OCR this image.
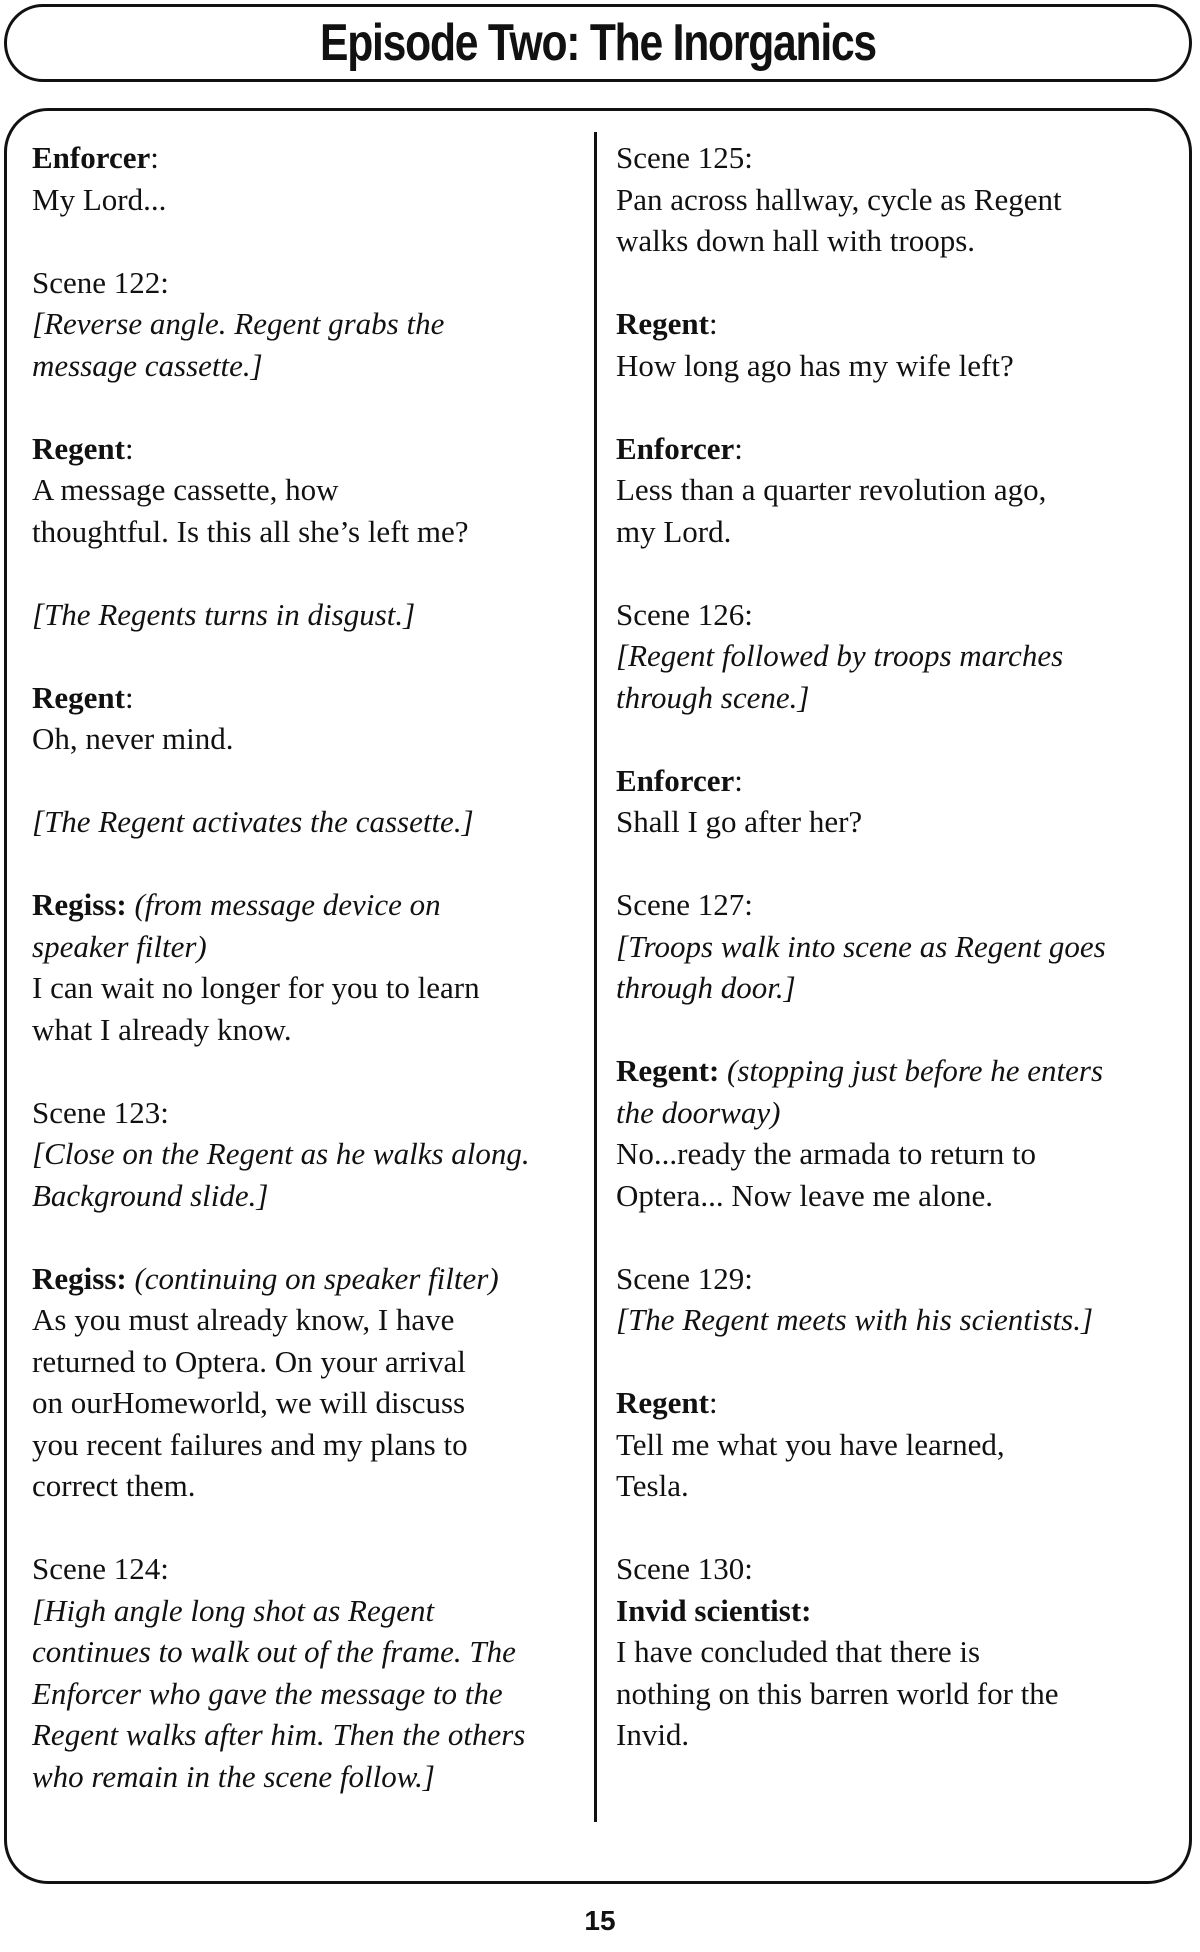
Episode Two: The Inorganics
Enforcer:
My Lord...
Scene 122:
[Reverse angle. Regent grabs the
message cassette.]
Regent:
A message cassette, how
thoughtful. Is this all she’s left me?
[The Regents turns in disgust.]
Regent:
Oh, never mind.
[The Regent activates the cassette.]
Regiss: (from message device on
speaker filter)
I can wait no longer for you to learn
what I already know.
Scene 123:
[Close on the Regent as he walks along.
Background slide.]
Regiss: (continuing on speaker filter)
As you must already know, I have
returned to Optera. On your arrival
on ourHomeworld, we will discuss
you recent failures and my plans to
correct them.
Scene 124:
[High angle long shot as Regent
continues to walk out of the frame. The
Enforcer who gave the message to the
Regent walks after him. Then the others
who remain in the scene follow.]
Scene 125:
Pan across hallway, cycle as Regent
walks down hall with troops.
Regent:
How long ago has my wife left?
Enforcer:
Less than a quarter revolution ago,
my Lord.
Scene 126:
[Regent followed by troops marches
through scene.]
Enforcer:
Shall I go after her?
Scene 127:
[Troops walk into scene as Regent goes
through door.]
Regent: (stopping just before he enters
the doorway)
No...ready the armada to return to
Optera... Now leave me alone.
Scene 129:
[The Regent meets with his scientists.]
Regent:
Tell me what you have learned,
Tesla.
Scene 130:
Invid scientist:
I have concluded that there is
nothing on this barren world for the
Invid.
15
